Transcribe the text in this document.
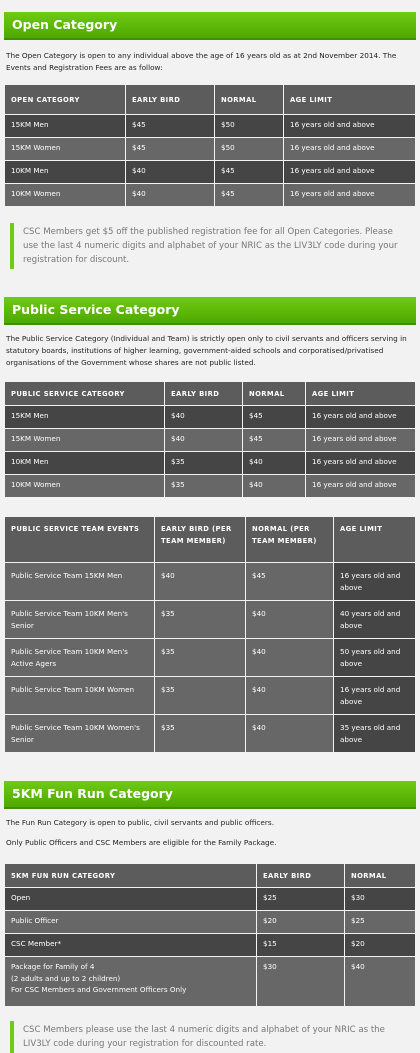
Open Category

The Open Category is open to any individual above the age of 16 years old as at 2nd November 2014. The Events and Registration Fees are as follow:

OPEN CATEGORY	EARLY BIRD	NORMAL	AGE LIMIT
15KM Men	$45	$50	16 years old and above
15KM Women	$45	$50	16 years old and above
10KM Men	$40	$45	16 years old and above
10KM Women	$40	$45	16 years old and above
CSC Members get $5 off the published registration fee for all Open Categories. Please use the last 4 numeric digits and alphabet of your NRIC as the LIV3LY code during your registration for discount.
Public Service Category

The Public Service Category (Individual and Team) is strictly open only to civil servants and officers serving in statutory boards, institutions of higher learning, government-aided schools and corporatised/privatised organisations of the Government whose shares are not public listed.

PUBLIC SERVICE CATEGORY	EARLY BIRD	NORMAL	AGE LIMIT
15KM Men	$40	$45	16 years old and above
15KM Women	$40	$45	16 years old and above
10KM Men	$35	$40	16 years old and above
10KM Women	$35	$40	16 years old and above
PUBLIC SERVICE TEAM EVENTS	EARLY BIRD (PER TEAM MEMBER)	NORMAL (PER TEAM MEMBER)	AGE LIMIT
Public Service Team 15KM Men	$40	$45	16 years old and above
Public Service Team 10KM Men's Senior	$35	$40	40 years old and above
Public Service Team 10KM Men's Active Agers	$35	$40	50 years old and above
Public Service Team 10KM Women	$35	$40	16 years old and above
Public Service Team 10KM Women's Senior	$35	$40	35 years old and above
5KM Fun Run Category

The Fun Run Category is open to public, civil servants and public officers.

Only Public Officers and CSC Members are eligible for the Family Package.

5KM FUN RUN CATEGORY	EARLY BIRD	NORMAL
Open	$25	$30
Public Officer	$20	$25
CSC Member*	$15	$20

Package for Family of 4
(2 adults and up to 2 children)
For CSC Members and Government Officers Only	$30	$40
CSC Members please use the last 4 numeric digits and alphabet of your NRIC as the LIV3LY code during your registration for discounted rate.
